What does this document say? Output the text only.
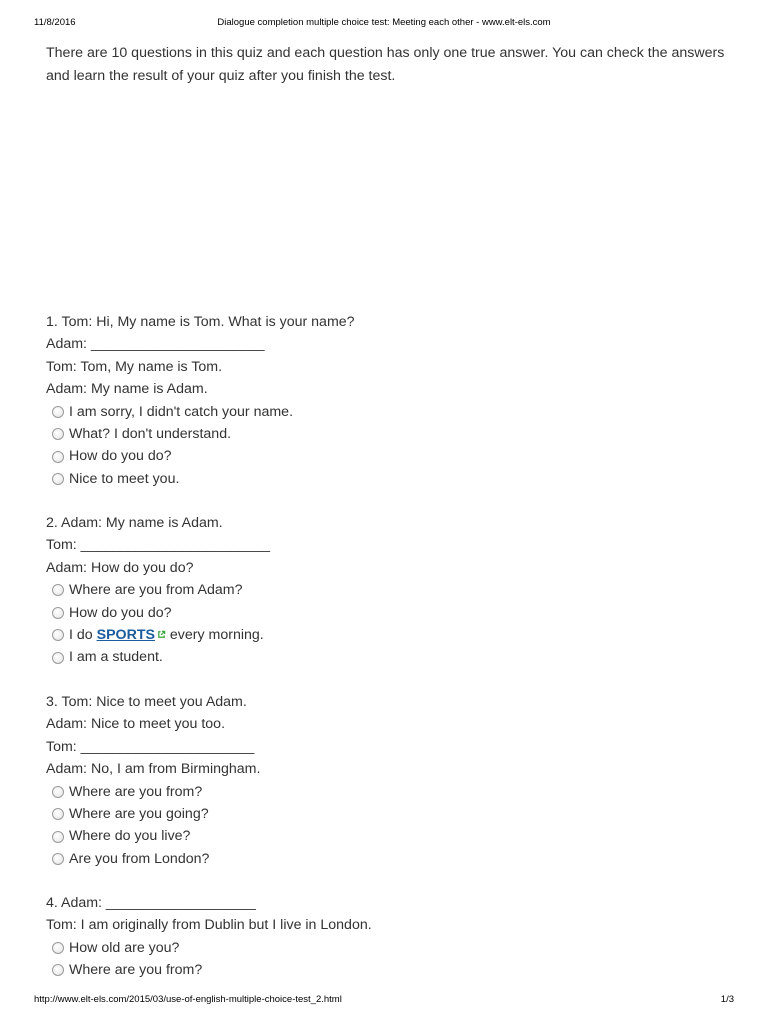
11/8/2016	Dialogue completion multiple choice test: Meeting each other - www.elt-els.com
There are 10 questions in this quiz and each question has only one true answer. You can check the answers and learn the result of your quiz after you finish the test.
1. Tom: Hi, My name is Tom. What is your name?
Adam: ______________________
Tom: Tom, My name is Tom.
Adam: My name is Adam.
I am sorry, I didn't catch your name.
What? I don't understand.
How do you do?
Nice to meet you.
2. Adam: My name is Adam.
Tom: ________________________
Adam: How do you do?
Where are you from Adam?
How do you do?
I do SPORTS every morning.
I am a student.
3. Tom: Nice to meet you Adam.
Adam: Nice to meet you too.
Tom: ______________________
Adam: No, I am from Birmingham.
Where are you from?
Where are you going?
Where do you live?
Are you from London?
4. Adam: ___________________
Tom: I am originally from Dublin but I live in London.
How old are you?
Where are you from?
http://www.elt-els.com/2015/03/use-of-english-multiple-choice-test_2.html	1/3
